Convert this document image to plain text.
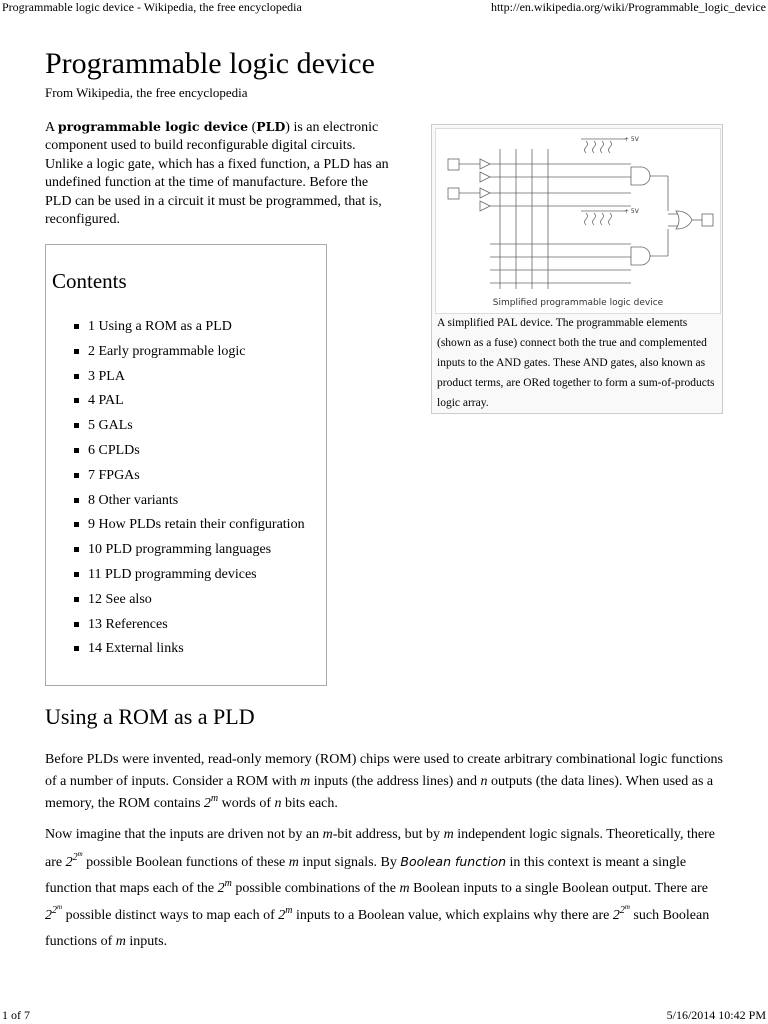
Programmable logic device - Wikipedia, the free encyclopedia	http://en.wikipedia.org/wiki/Programmable_logic_device
Programmable logic device
From Wikipedia, the free encyclopedia

A programmable logic device (PLD) is an electronic component used to build reconfigurable digital circuits. Unlike a logic gate, which has a fixed function, a PLD has an undefined function at the time of manufacture. Before the PLD can be used in a circuit it must be programmed, that is, reconfigured.

+ 5V
+ 5V
Simplified programmable logic device
A simplified PAL device. The programmable elements (shown as a fuse) connect both the true and complemented inputs to the AND gates. These AND gates, also known as product terms, are ORed together to form a sum-of-products logic array.
Contents
1 Using a ROM as a PLD
2 Early programmable logic
3 PLA
4 PAL
5 GALs
6 CPLDs
7 FPGAs
8 Other variants
9 How PLDs retain their configuration
10 PLD programming languages
11 PLD programming devices
12 See also
13 References
14 External links
Using a ROM as a PLD

Before PLDs were invented, read-only memory (ROM) chips were used to create arbitrary combinational logic functions of a number of inputs. Consider a ROM with m inputs (the address lines) and n outputs (the data lines). When used as a memory, the ROM contains 2$^m$ words of n bits each.

Now imagine that the inputs are driven not by an m-bit address, but by m independent logic signals. Theoretically, there are $2^{2^m}$ possible Boolean functions of these m input signals. By Boolean function in this context is meant a single function that maps each of the 2$^m$ possible combinations of the m Boolean inputs to a single Boolean output. There are $2^{2^m}$ possible distinct ways to map each of 2$^m$ inputs to a Boolean value, which explains why there are $2^{2^m}$ such Boolean functions of m inputs.

1 of 7	5/16/2014 10:42 PM
